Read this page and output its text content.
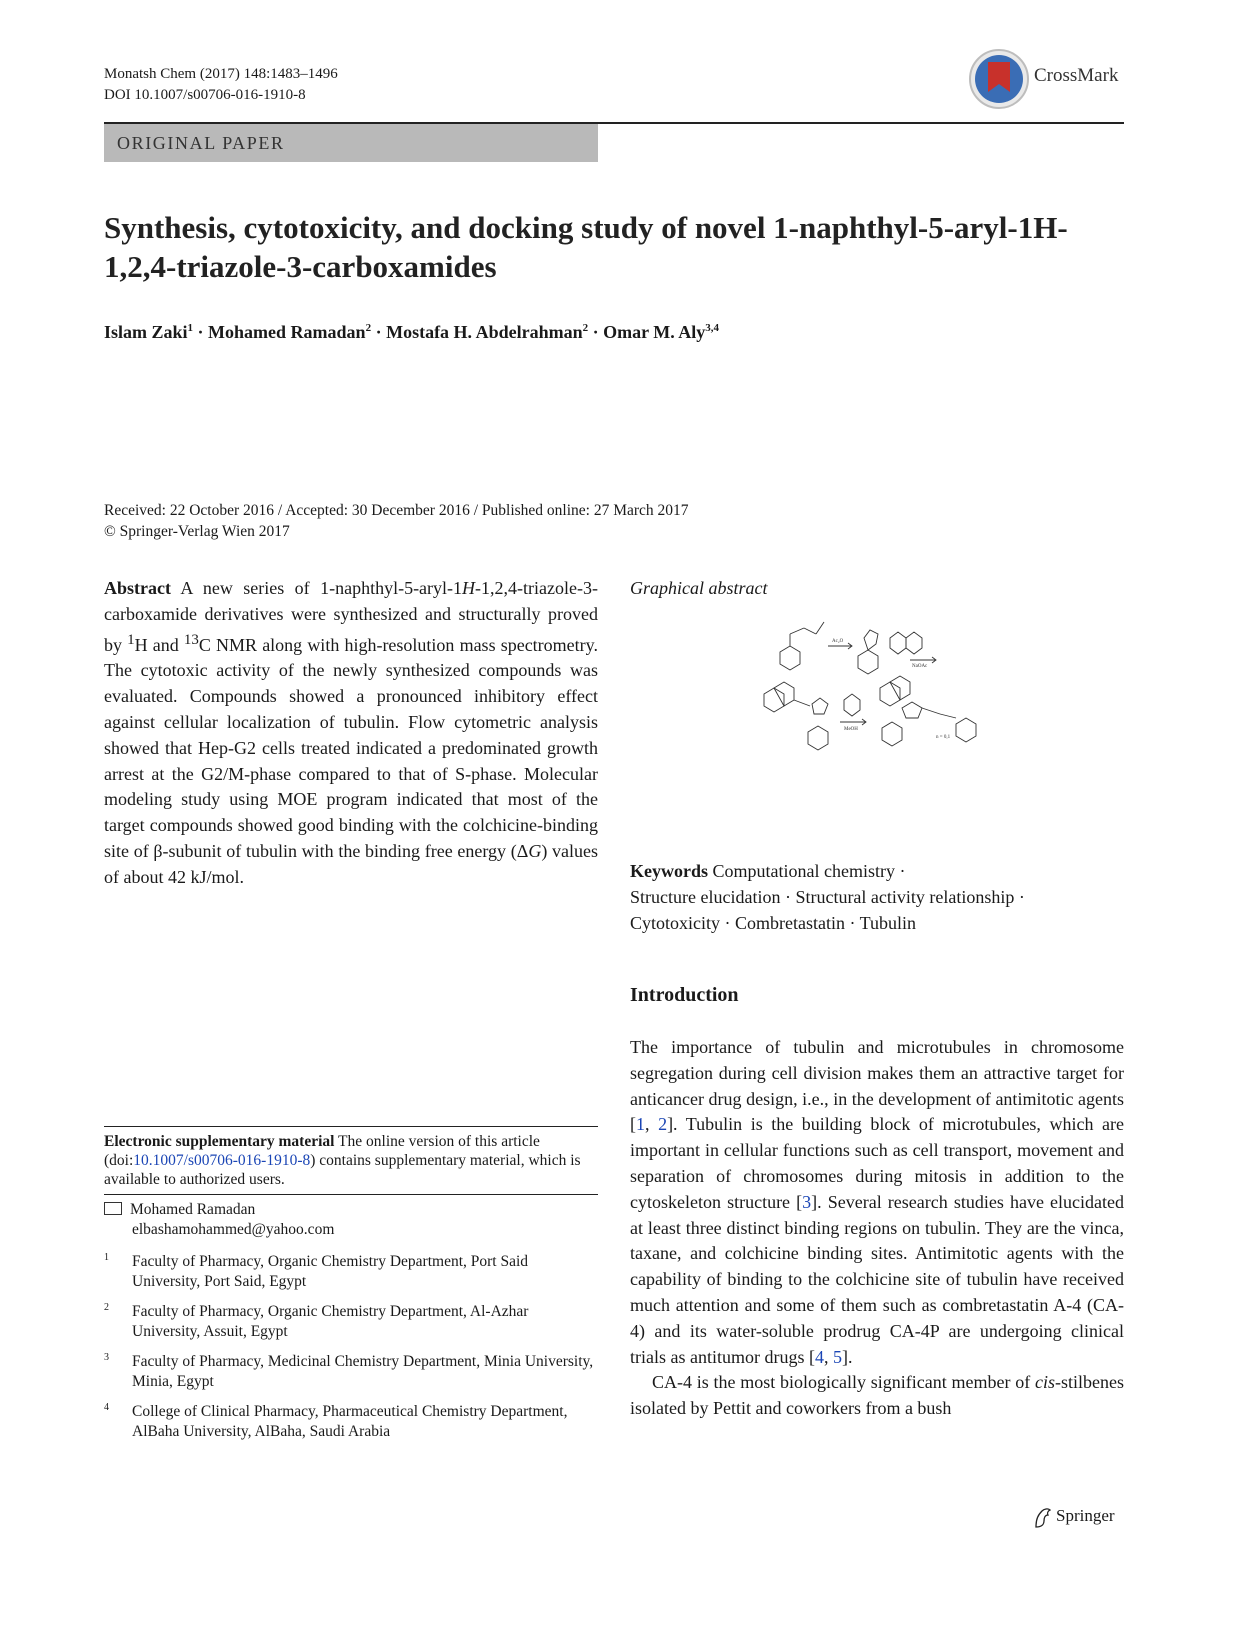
Monatsh Chem (2017) 148:1483–1496
DOI 10.1007/s00706-016-1910-8
CrossMark
ORIGINAL PAPER
Synthesis, cytotoxicity, and docking study of novel 1-naphthyl-5-aryl-1H-1,2,4-triazole-3-carboxamides
Islam Zaki$^1$ · Mohamed Ramadan$^2$ · Mostafa H. Abdelrahman$^2$ · Omar M. Aly$^{3,4}$
Received: 22 October 2016 / Accepted: 30 December 2016 / Published online: 27 March 2017
© Springer-Verlag Wien 2017
Abstract A new series of 1-naphthyl-5-aryl-1H-1,2,4-triazole-3-carboxamide derivatives were synthesized and structurally proved by $^1$H and $^{13}$C NMR along with high-resolution mass spectrometry. The cytotoxic activity of the newly synthesized compounds was evaluated. Compounds showed a pronounced inhibitory effect against cellular localization of tubulin. Flow cytometric analysis showed that Hep-G2 cells treated indicated a predominated growth arrest at the G2/M-phase compared to that of S-phase. Molecular modeling study using MOE program indicated that most of the target compounds showed good binding with the colchicine-binding site of β-subunit of tubulin with the binding free energy (ΔG) values of about 42 kJ/mol.
Electronic supplementary material The online version of this article (doi:10.1007/s00706-016-1910-8) contains supplementary material, which is available to authorized users.
Mohamed Ramadan
elbashamohammed@yahoo.com
1 Faculty of Pharmacy, Organic Chemistry Department, Port Said University, Port Said, Egypt
2 Faculty of Pharmacy, Organic Chemistry Department, Al-Azhar University, Assuit, Egypt
3 Faculty of Pharmacy, Medicinal Chemistry Department, Minia University, Minia, Egypt
4 College of Clinical Pharmacy, Pharmaceutical Chemistry Department, AlBaha University, AlBaha, Saudi Arabia
Graphical abstract
Ac₂O
NaOAc
MeOH
n = 0,1
Keywords Computational chemistry ·
Structure elucidation · Structural activity relationship ·
Cytotoxicity · Combretastatin · Tubulin
Introduction

The importance of tubulin and microtubules in chromosome segregation during cell division makes them an attractive target for anticancer drug design, i.e., in the development of antimitotic agents [1, 2]. Tubulin is the building block of microtubules, which are important in cellular functions such as cell transport, movement and separation of chromosomes during mitosis in addition to the cytoskeleton structure [3]. Several research studies have elucidated at least three distinct binding regions on tubulin. They are the vinca, taxane, and colchicine binding sites. Antimitotic agents with the capability of binding to the colchicine site of tubulin have received much attention and some of them such as combretastatin A-4 (CA-4) and its water-soluble prodrug CA-4P are undergoing clinical trials as antitumor drugs [4, 5].

CA-4 is the most biologically significant member of cis-stilbenes isolated by Pettit and coworkers from a bush

Springer
